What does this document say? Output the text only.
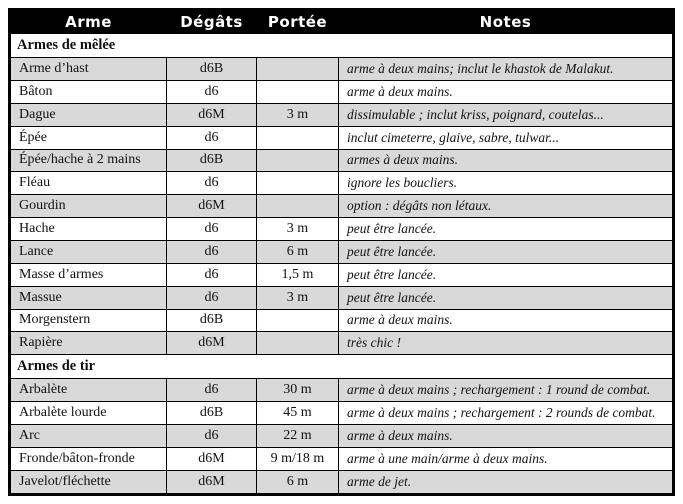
Arme	Dégâts	Portée	Notes
Armes de mêlée			
Arme d’hast	d6B		arme à deux mains; inclut le khastok de Malakut.
Bâton	d6		arme à deux mains.
Dague	d6M	3 m	dissimulable ; inclut kriss, poignard, coutelas...
Épée	d6		inclut cimeterre, glaive, sabre, tulwar...
Épée/hache à 2 mains	d6B		armes à deux mains.
Fléau	d6		ignore les boucliers.
Gourdin	d6M		option : dégâts non létaux.
Hache	d6	3 m	peut être lancée.
Lance	d6	6 m	peut être lancée.
Masse d’armes	d6	1,5 m	peut être lancée.
Massue	d6	3 m	peut être lancée.
Morgenstern	d6B		arme à deux mains.
Rapière	d6M		très chic !
Armes de tir			
Arbalète	d6	30 m	arme à deux mains ; rechargement : 1 round de combat.
Arbalète lourde	d6B	45 m	arme à deux mains ; rechargement : 2 rounds de combat.
Arc	d6	22 m	arme à deux mains.
Fronde/bâton-fronde	d6M	9 m/18 m	arme à une main/arme à deux mains.
Javelot/fléchette	d6M	6 m	arme de jet.
